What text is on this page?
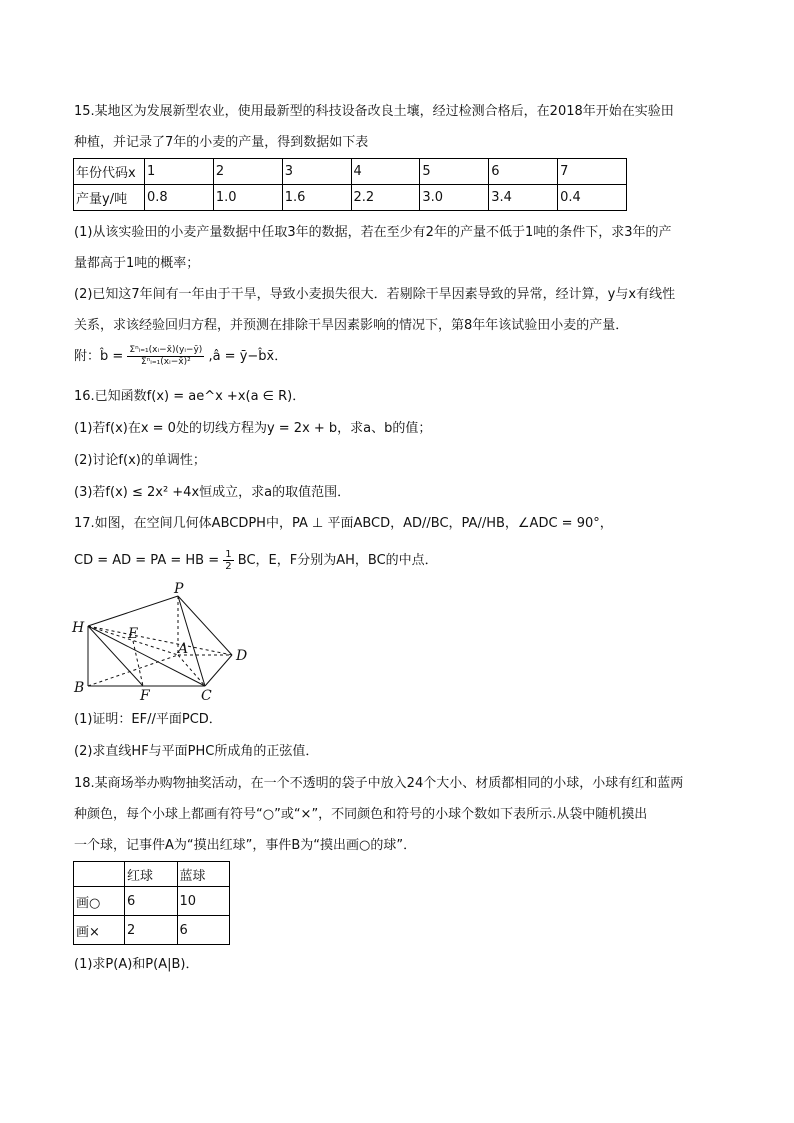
15.某地区为发展新型农业，使用最新型的科技设备改良土壤，经过检测合格后，在2018年开始在实验田
种植，并记录了7年的小麦的产量，得到数据如下表
年份代码x	1	2	3	4	5	6	7
产量y/吨	0.8	1.0	1.6	2.2	3.0	3.4	0.4
(1)从该实验田的小麦产量数据中任取3年的数据，若在至少有2年的产量不低于1吨的条件下，求3年的产
量都高于1吨的概率；
(2)已知这7年间有一年由于干旱，导致小麦损失很大．若剔除干旱因素导致的异常，经计算，y与x有线性
关系，求该经验回归方程，并预测在排除干旱因素影响的情况下，第8年年该试验田小麦的产量．
附：b̂ = $\frac{\text{Σⁿᵢ₌₁(xᵢ−x̄)(yᵢ−ȳ)}}{\text{Σⁿᵢ₌₁(xᵢ−x̄)²}}$ ,â = ȳ−b̂x̄．
16.已知函数f(x) = ae^x +x(a ∈ R)．
(1)若f(x)在x = 0处的切线方程为y = 2x + b，求a、b的值；
(2)讨论f(x)的单调性；
(3)若f(x) ≤ 2x² +4x恒成立，求a的取值范围．
17.如图，在空间几何体ABCDPH中，PA ⊥ 平面ABCD，AD//BC，PA//HB，∠ADC = 90°，
CD = AD = PA = HB = $\frac{1}{2}$ BC，E，F分别为AH，BC的中点．
P
H	E
A	D
B	F	C
(1)证明：EF//平面PCD．
(2)求直线HF与平面PHC所成角的正弦值．
18.某商场举办购物抽奖活动，在一个不透明的袋子中放入24个大小、材质都相同的小球，小球有红和蓝两
种颜色，每个小球上都画有符号“○”或“×”，不同颜色和符号的小球个数如下表所示.从袋中随机摸出
一个球，记事件A为“摸出红球”，事件B为“摸出画○的球”．
	红球	蓝球
画○	6	10
画×	2	6
(1)求P(A)和P(A|B)．
